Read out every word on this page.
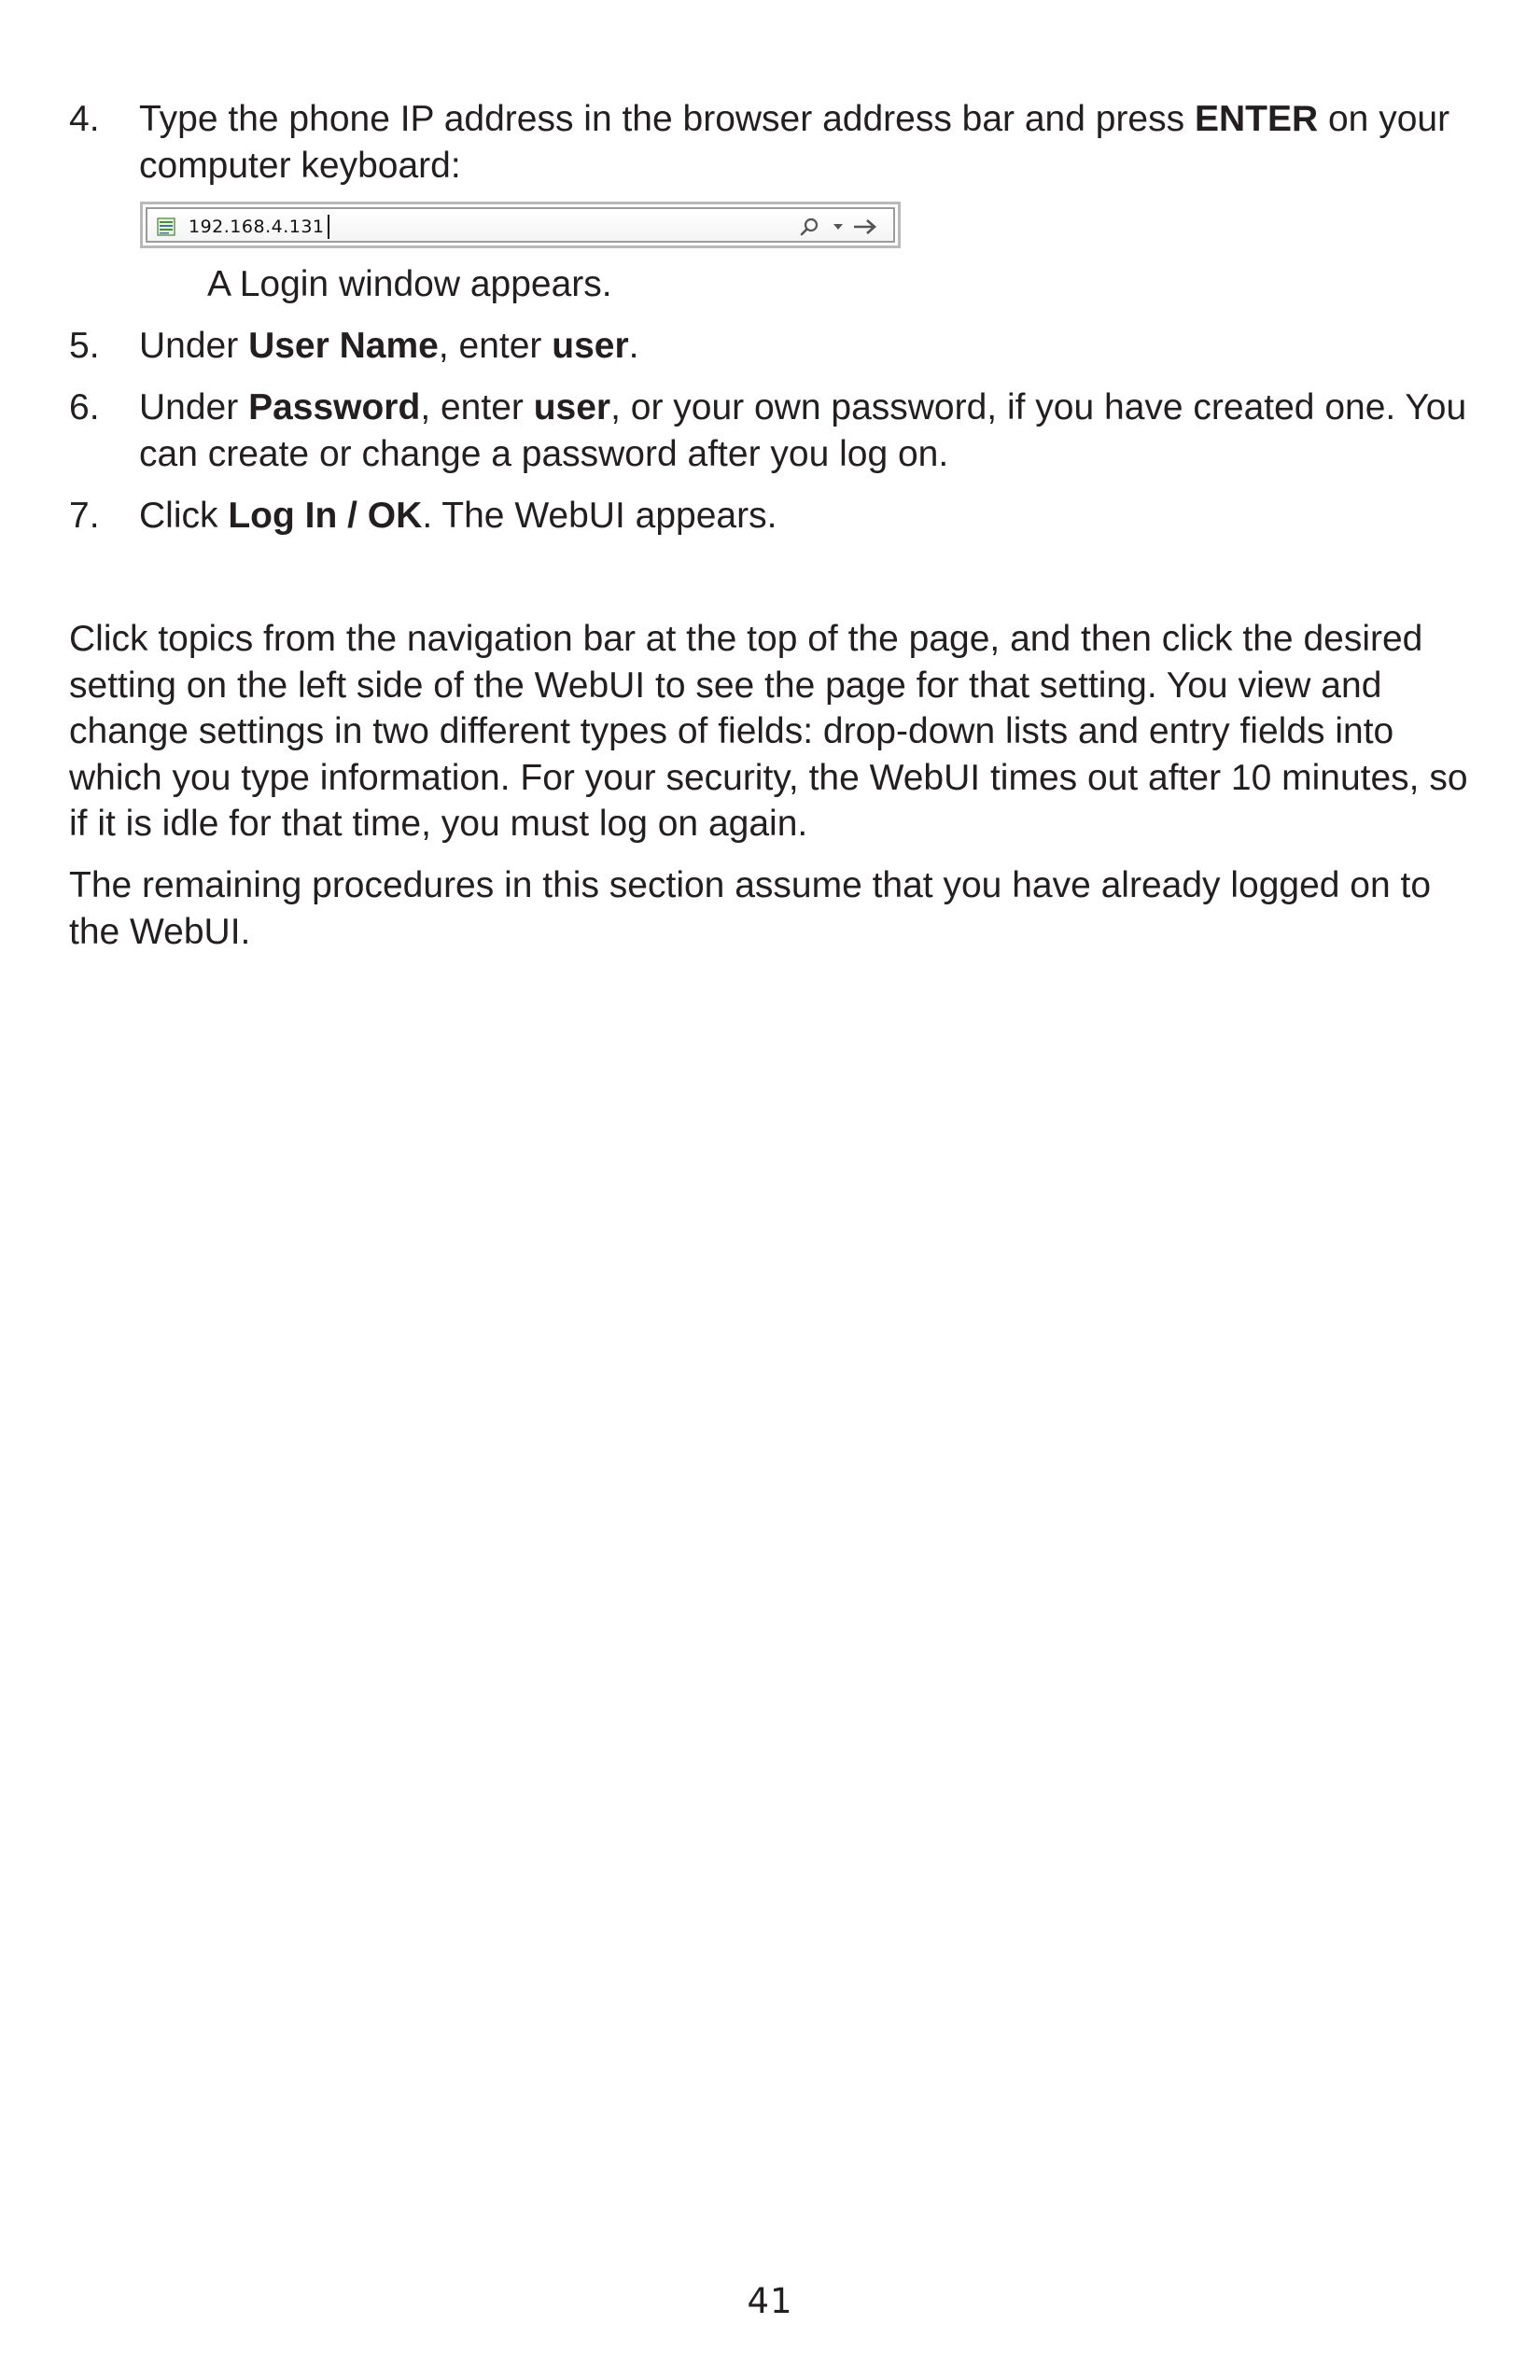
4.	Type the phone IP address in the browser address bar and press ENTER on your computer keyboard:
192.168.4.131
A Login window appears.
5.	Under User Name, enter user.
6.	Under Password, enter user, or your own password, if you have created one. You can create or change a password after you log on.
7.	Click Log In / OK. The WebUI appears.

Click topics from the navigation bar at the top of the page, and then click the desired setting on the left side of the WebUI to see the page for that setting. You view and change settings in two different types of fields: drop-down lists and entry fields into which you type information. For your security, the WebUI times out after 10 minutes, so if it is idle for that time, you must log on again.

The remaining procedures in this section assume that you have already logged on to the WebUI.

41
